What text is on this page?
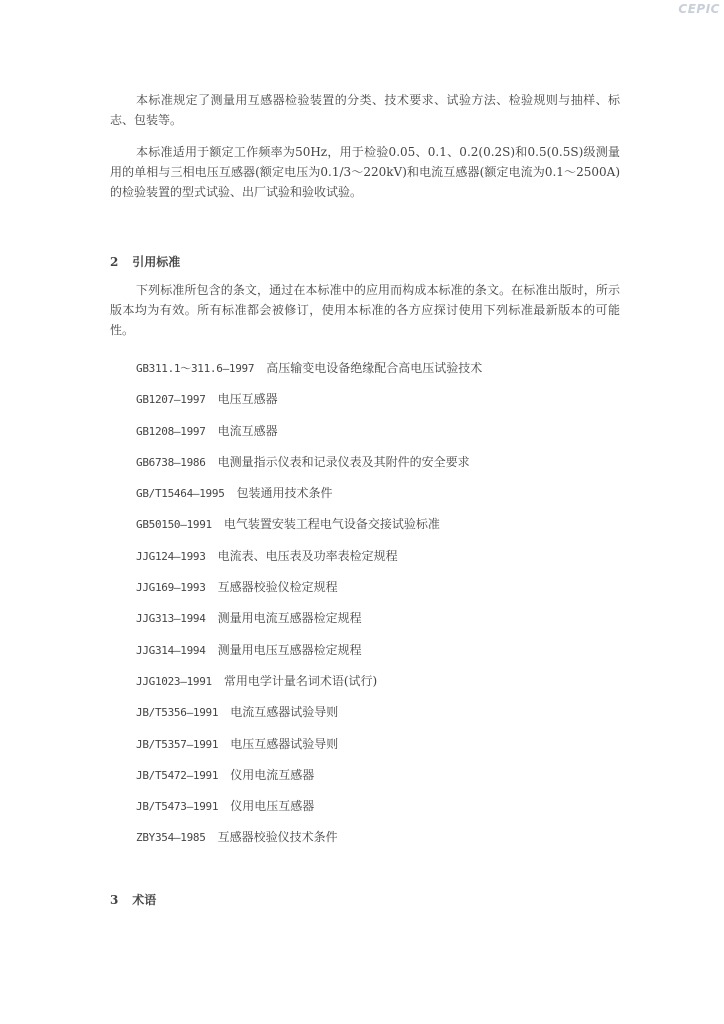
CEPIC

本标准规定了测量用互感器检验装置的分类、技术要求、试验方法、检验规则与抽样、标志、包装等。

本标准适用于额定工作频率为50Hz，用于检验0.05、0.1、0.2(0.2S)和0.5(0.5S)级测量用的单相与三相电压互感器(额定电压为0.1/3～220kV)和电流互感器(额定电流为0.1～2500A)的检验装置的型式试验、出厂试验和验收试验。

2 引用标准

下列标准所包含的条文，通过在本标准中的应用而构成本标准的条文。在标准出版时，所示版本均为有效。所有标准都会被修订，使用本标准的各方应探讨使用下列标准最新版本的可能性。

GB311.1～311.6—1997 高压输变电设备绝缘配合高电压试验技术
GB1207—1997 电压互感器
GB1208—1997 电流互感器
GB6738—1986 电测量指示仪表和记录仪表及其附件的安全要求
GB/T15464—1995 包装通用技术条件
GB50150—1991 电气装置安装工程电气设备交接试验标准
JJG124—1993 电流表、电压表及功率表检定规程
JJG169—1993 互感器校验仪检定规程
JJG313—1994 测量用电流互感器检定规程
JJG314—1994 测量用电压互感器检定规程
JJG1023—1991 常用电学计量名词术语(试行)
JB/T5356—1991 电流互感器试验导则
JB/T5357—1991 电压互感器试验导则
JB/T5472—1991 仪用电流互感器
JB/T5473—1991 仪用电压互感器
ZBY354—1985 互感器校验仪技术条件
3 术语
